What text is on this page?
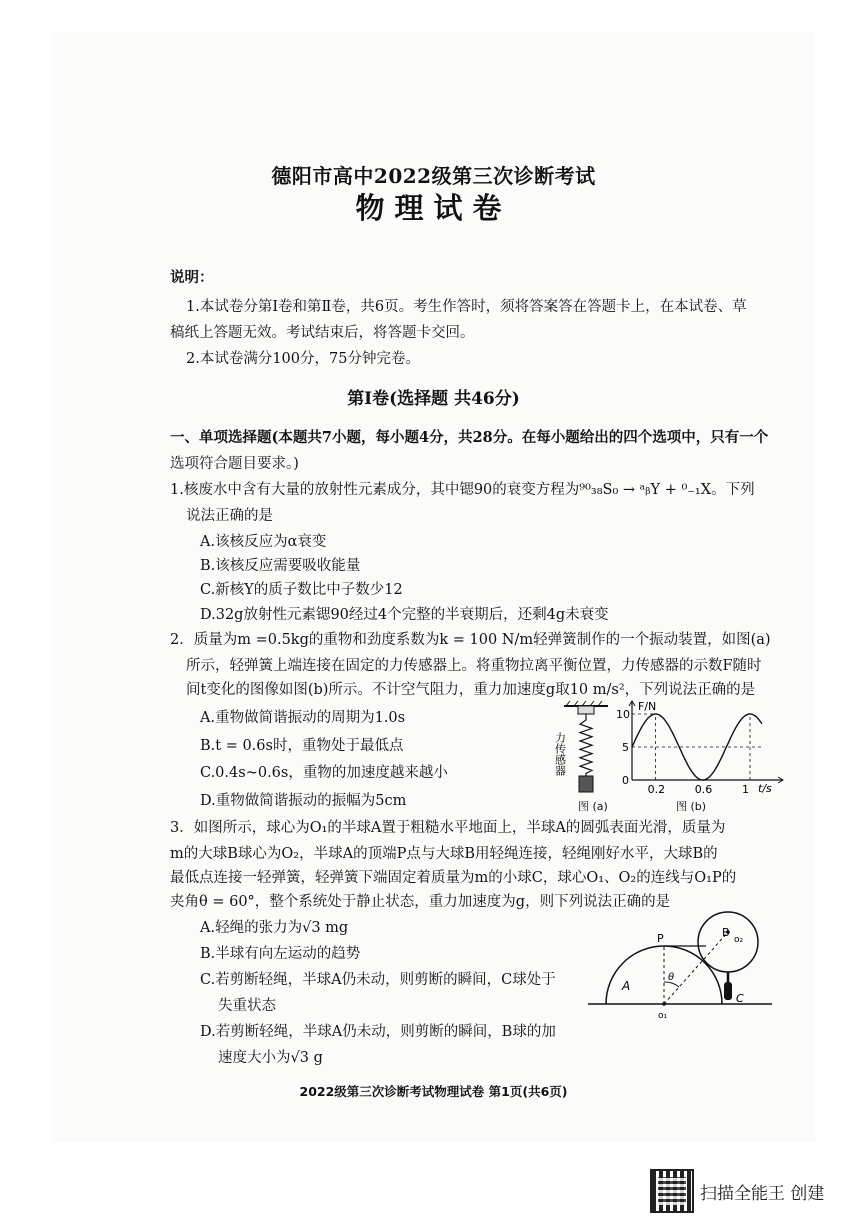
德阳市高中2022级第三次诊断考试
物理试卷
说明：
1.本试卷分第Ⅰ卷和第Ⅱ卷，共6页。考生作答时，须将答案答在答题卡上，在本试卷、草
稿纸上答题无效。考试结束后，将答题卡交回。
2.本试卷满分100分，75分钟完卷。
第Ⅰ卷(选择题 共46分)
一、单项选择题(本题共7小题，每小题4分，共28分。在每小题给出的四个选项中，只有一个
选项符合题目要求。)
1.核废水中含有大量的放射性元素成分，其中锶90的衰变方程为⁹⁰₃₈S₀ → ᵃᵦY + ⁰₋₁X。下列
说法正确的是
A.该核反应为α衰变
B.该核反应需要吸收能量
C.新核Y的质子数比中子数少12
D.32g放射性元素锶90经过4个完整的半衰期后，还剩4g未衰变
2．质量为m =0.5kg的重物和劲度系数为k = 100 N/m轻弹簧制作的一个振动装置，如图(a)
所示，轻弹簧上端连接在固定的力传感器上。将重物拉离平衡位置，力传感器的示数F随时
间t变化的图像如图(b)所示。不计空气阻力，重力加速度g取10 m/s²，下列说法正确的是
A.重物做简谐振动的周期为1.0s
B.t = 0.6s时，重物处于最低点
C.0.4s~0.6s，重物的加速度越来越小
D.重物做简谐振动的振幅为5cm
力传感器
图 (a)
F/N
t/s
0
5
10
0.2	0.6	1
图 (b)
3．如图所示，球心为O₁的半球A置于粗糙水平地面上，半球A的圆弧表面光滑，质量为
m的大球B球心为O₂，半球A的顶端P点与大球B用轻绳连接，轻绳刚好水平，大球B的
最低点连接一轻弹簧，轻弹簧下端固定着质量为m的小球C，球心O₁、O₂的连线与O₁P的
夹角θ = 60°，整个系统处于静止状态，重力加速度为g，则下列说法正确的是
A.轻绳的张力为√3 mg
B.半球有向左运动的趋势
C.若剪断轻绳，半球A仍未动，则剪断的瞬间，C球处于
失重状态
D.若剪断轻绳，半球A仍未动，则剪断的瞬间，B球的加
速度大小为√3 g
P	B
o₂
A
θ
C
o₁
2022级第三次诊断考试物理试卷 第1页(共6页)
扫描全能王 创建
